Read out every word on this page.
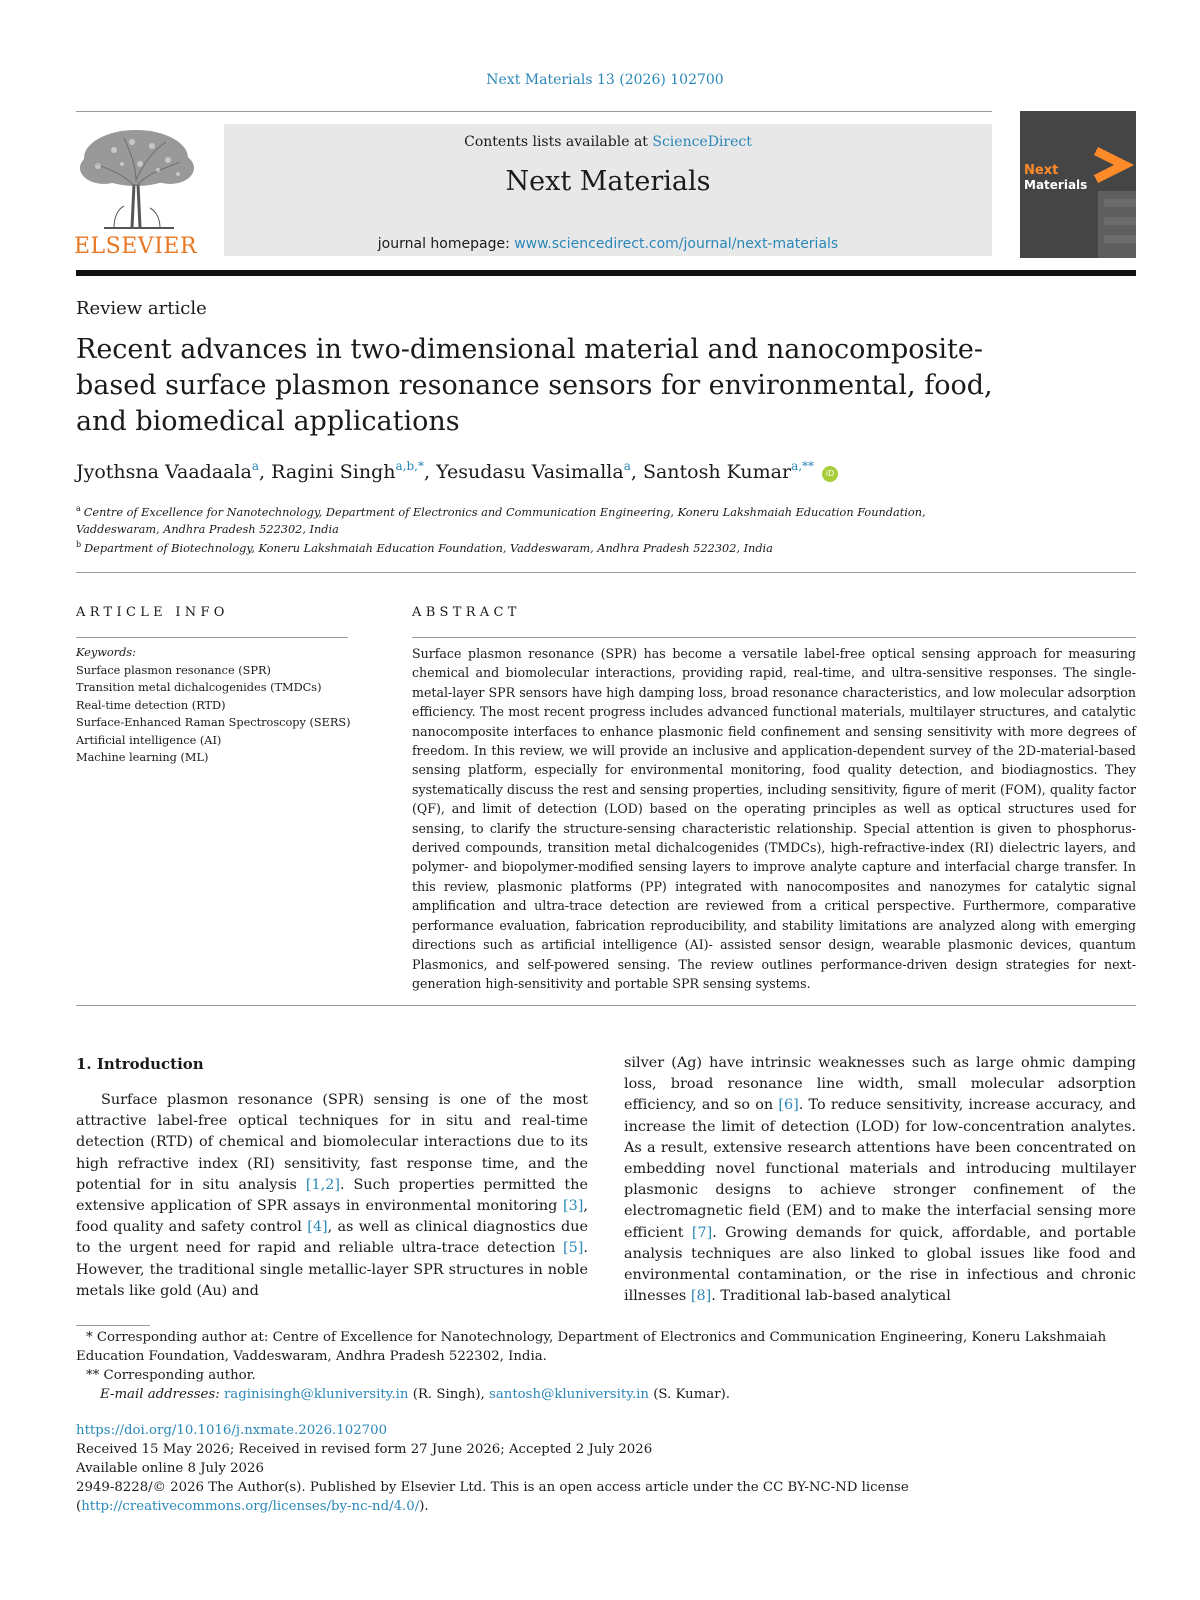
Next Materials 13 (2026) 102700
ELSEVIER
Contents lists available at ScienceDirect
Next Materials
journal homepage: www.sciencedirect.com/journal/next-materials
Next
Materials
Review article
Recent advances in two-dimensional material and nanocomposite-based surface plasmon resonance sensors for environmental, food, and biomedical applications
Jyothsna Vaadaala$^a$, Ragini Singh$^{a,b,*}$, Yesudasu Vasimalla$^a$, Santosh Kumar$^{a,**}$ iD
$^a$ Centre of Excellence for Nanotechnology, Department of Electronics and Communication Engineering, Koneru Lakshmaiah Education Foundation, Vaddeswaram, Andhra Pradesh 522302, India
$^b$ Department of Biotechnology, Koneru Lakshmaiah Education Foundation, Vaddeswaram, Andhra Pradesh 522302, India
ARTICLE INFO
Keywords:
Surface plasmon resonance (SPR)
Transition metal dichalcogenides (TMDCs)
Real-time detection (RTD)
Surface-Enhanced Raman Spectroscopy (SERS)
Artificial intelligence (AI)
Machine learning (ML)
ABSTRACT
Surface plasmon resonance (SPR) has become a versatile label-free optical sensing approach for measuring chemical and biomolecular interactions, providing rapid, real-time, and ultra-sensitive responses. The single-metal-layer SPR sensors have high damping loss, broad resonance characteristics, and low molecular adsorption efficiency. The most recent progress includes advanced functional materials, multilayer structures, and catalytic nanocomposite interfaces to enhance plasmonic field confinement and sensing sensitivity with more degrees of freedom. In this review, we will provide an inclusive and application-dependent survey of the 2D-material-based sensing platform, especially for environmental monitoring, food quality detection, and biodiagnostics. They systematically discuss the rest and sensing properties, including sensitivity, figure of merit (FOM), quality factor (QF), and limit of detection (LOD) based on the operating principles as well as optical structures used for sensing, to clarify the structure-sensing characteristic relationship. Special attention is given to phosphorus-derived compounds, transition metal dichalcogenides (TMDCs), high-refractive-index (RI) dielectric layers, and polymer- and biopolymer-modified sensing layers to improve analyte capture and interfacial charge transfer. In this review, plasmonic platforms (PP) integrated with nanocomposites and nanozymes for catalytic signal amplification and ultra-trace detection are reviewed from a critical perspective. Furthermore, comparative performance evaluation, fabrication reproducibility, and stability limitations are analyzed along with emerging directions such as artificial intelligence (AI)- assisted sensor design, wearable plasmonic devices, quantum Plasmonics, and self-powered sensing. The review outlines performance-driven design strategies for next-generation high-sensitivity and portable SPR sensing systems.
1. Introduction
Surface plasmon resonance (SPR) sensing is one of the most attractive label-free optical techniques for in situ and real-time detection (RTD) of chemical and biomolecular interactions due to its high refractive index (RI) sensitivity, fast response time, and the potential for in situ analysis [1,2]. Such properties permitted the extensive application of SPR assays in environmental monitoring [3], food quality and safety control [4], as well as clinical diagnostics due to the urgent need for rapid and reliable ultra-trace detection [5]. However, the traditional single metallic-layer SPR structures in noble metals like gold (Au) and
silver (Ag) have intrinsic weaknesses such as large ohmic damping loss, broad resonance line width, small molecular adsorption efficiency, and so on [6]. To reduce sensitivity, increase accuracy, and increase the limit of detection (LOD) for low-concentration analytes. As a result, extensive research attentions have been concentrated on embedding novel functional materials and introducing multilayer plasmonic designs to achieve stronger confinement of the electromagnetic field (EM) and to make the interfacial sensing more efficient [7]. Growing demands for quick, affordable, and portable analysis techniques are also linked to global issues like food and environmental contamination, or the rise in infectious and chronic illnesses [8]. Traditional lab-based analytical
* Corresponding author at: Centre of Excellence for Nanotechnology, Department of Electronics and Communication Engineering, Koneru Lakshmaiah Education Foundation, Vaddeswaram, Andhra Pradesh 522302, India.
** Corresponding author.
E-mail addresses: raginisingh@kluniversity.in (R. Singh), santosh@kluniversity.in (S. Kumar).
https://doi.org/10.1016/j.nxmate.2026.102700
Received 15 May 2026; Received in revised form 27 June 2026; Accepted 2 July 2026
Available online 8 July 2026
2949-8228/© 2026 The Author(s). Published by Elsevier Ltd. This is an open access article under the CC BY-NC-ND license (http://creativecommons.org/licenses/by-nc-nd/4.0/).
